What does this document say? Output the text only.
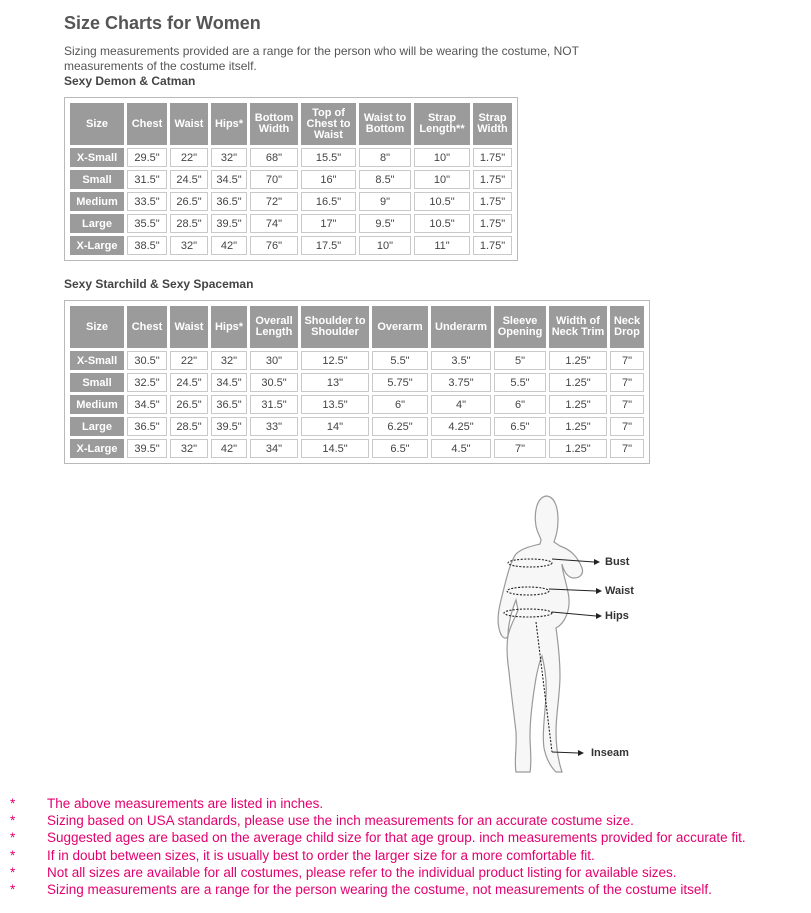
Size Charts for Women
Sizing measurements provided are a range for the person who will be wearing the costume, NOT measurements of the costume itself.
Sexy Demon & Catman
Size	Chest	Waist	Hips*	Bottom Width	Top of Chest to Waist	Waist to Bottom	Strap Length**	Strap Width
X-Small	29.5"	22"	32"	68"	15.5"	8"	10"	1.75"
Small	31.5"	24.5"	34.5"	70"	16"	8.5"	10"	1.75"
Medium	33.5"	26.5"	36.5"	72"	16.5"	9"	10.5"	1.75"
Large	35.5"	28.5"	39.5"	74"	17"	9.5"	10.5"	1.75"
X-Large	38.5"	32"	42"	76"	17.5"	10"	11"	1.75"
Sexy Starchild & Sexy Spaceman
Size	Chest	Waist	Hips*	Overall Length	Shoulder to Shoulder	Overarm	Underarm	Sleeve Opening	Width of Neck Trim	Neck Drop
X-Small	30.5"	22"	32"	30"	12.5"	5.5"	3.5"	5"	1.25"	7"
Small	32.5"	24.5"	34.5"	30.5"	13"	5.75"	3.75"	5.5"	1.25"	7"
Medium	34.5"	26.5"	36.5"	31.5"	13.5"	6"	4"	6"	1.25"	7"
Large	36.5"	28.5"	39.5"	33"	14"	6.25"	4.25"	6.5"	1.25"	7"
X-Large	39.5"	32"	42"	34"	14.5"	6.5"	4.5"	7"	1.25"	7"
Bust
Waist
Hips
Inseam
* The above measurements are listed in inches.
* Sizing based on USA standards, please use the inch measurements for an accurate costume size.
* Suggested ages are based on the average child size for that age group. inch measurements provided for accurate fit.
* If in doubt between sizes, it is usually best to order the larger size for a more comfortable fit.
* Not all sizes are available for all costumes, please refer to the individual product listing for available sizes.
* Sizing measurements are a range for the person wearing the costume, not measurements of the costume itself.
